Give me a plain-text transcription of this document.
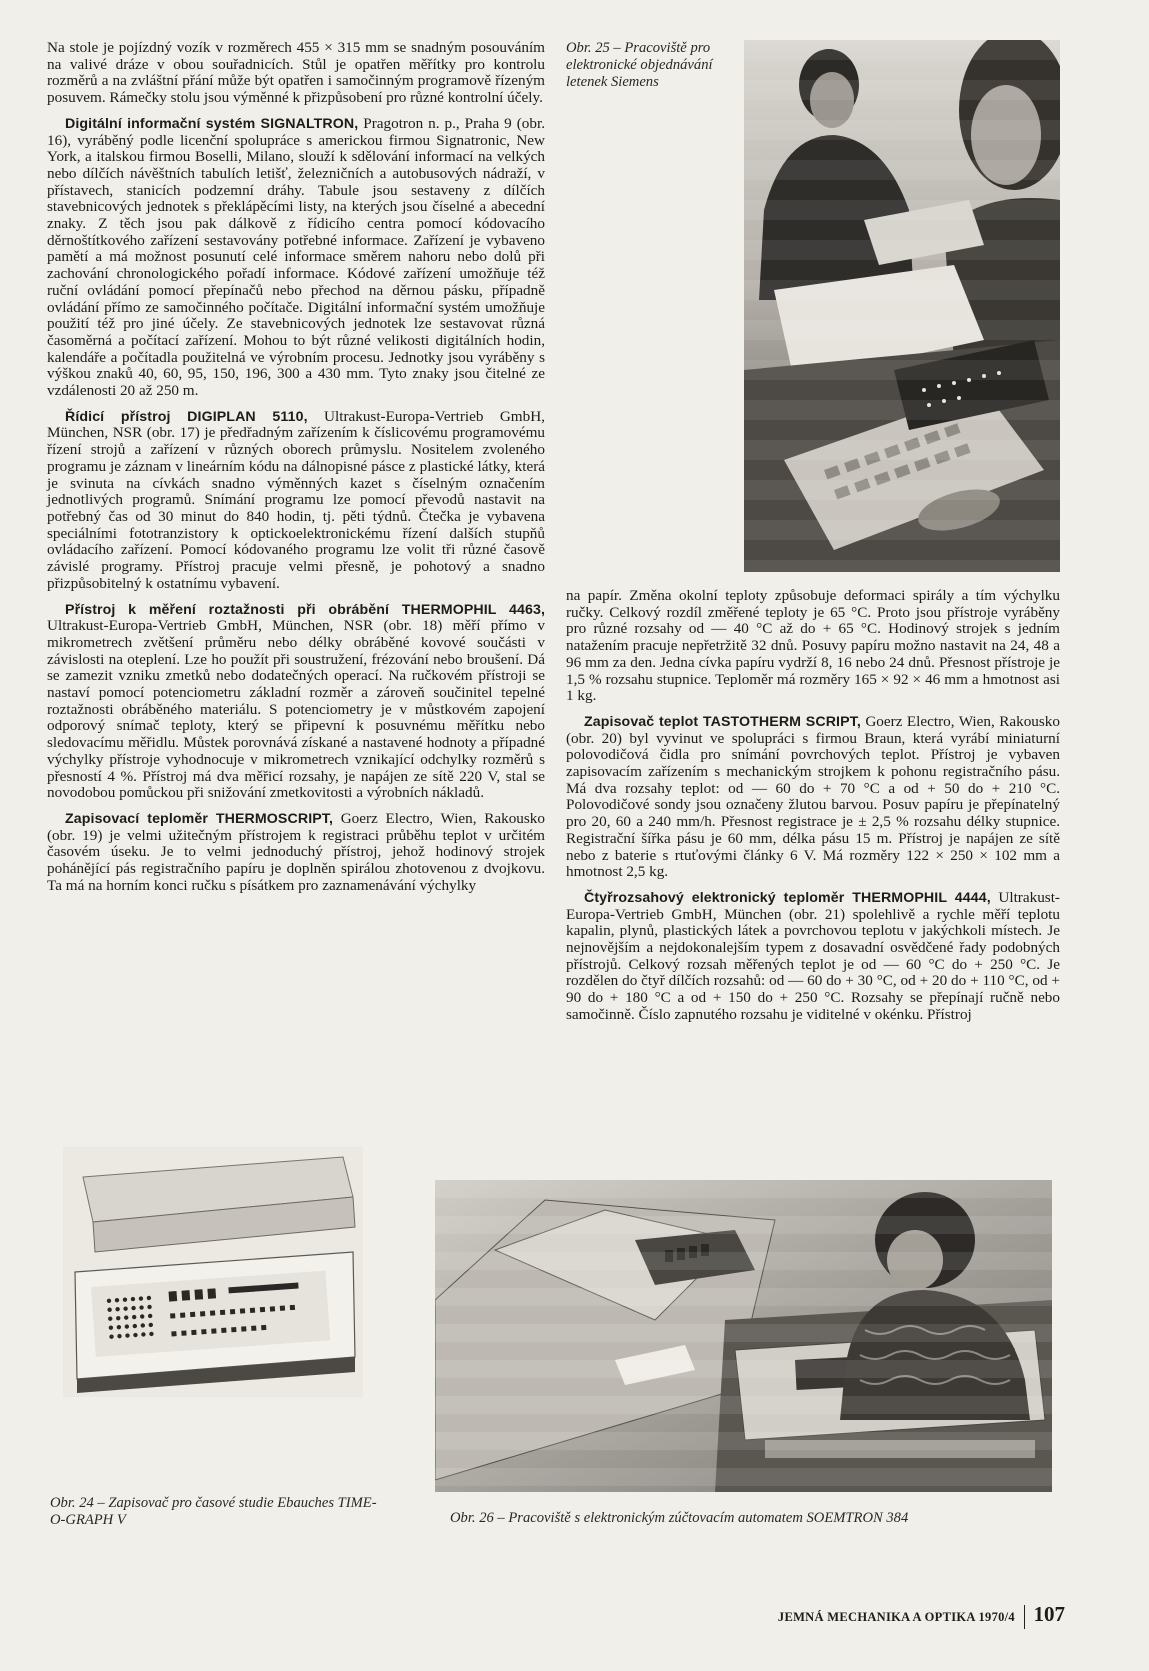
Na stole je pojízdný vozík v rozměrech 455 × 315 mm se snadným posouváním na valivé dráze v obou souřadnicích. Stůl je opatřen měřítky pro kontrolu rozměrů a na zvláštní přání může být opatřen i samočinným programově řízeným posuvem. Rámečky stolu jsou výměnné k přizpůsobení pro různé kontrolní účely.

Digitální informační systém SIGNALTRON, Pragotron n. p., Praha 9 (obr. 16), vyráběný podle licenční spolupráce s americkou firmou Signatronic, New York, a italskou firmou Boselli, Milano, slouží k sdělování informací na velkých nebo dílčích návěštních tabulích letišť, železničních a autobusových nádraží, v přístavech, stanicích podzemní dráhy. Tabule jsou sestaveny z dílčích stavebnicových jednotek s překlápěcími listy, na kterých jsou číselné a abecední znaky. Z těch jsou pak dálkově z řídicího centra pomocí kódovacího děrnoštítkového zařízení sestavovány potřebné informace. Zařízení je vybaveno pamětí a má možnost posunutí celé informace směrem nahoru nebo dolů při zachování chronologického pořadí informace. Kódové zařízení umožňuje též ruční ovládání pomocí přepínačů nebo přechod na děrnou pásku, případně ovládání přímo ze samočinného počítače. Digitální informační systém umožňuje použití též pro jiné účely. Ze stavebnicových jednotek lze sestavovat různá časoměrná a počítací zařízení. Mohou to být různé velikosti digitálních hodin, kalendáře a počítadla použitelná ve výrobním procesu. Jednotky jsou vyráběny s výškou znaků 40, 60, 95, 150, 196, 300 a 430 mm. Tyto znaky jsou čitelné ze vzdálenosti 20 až 250 m.

Řídicí přístroj DIGIPLAN 5110, Ultrakust-Europa-Vertrieb GmbH, München, NSR (obr. 17) je předřadným zařízením k číslicovému programovému řízení strojů a zařízení v různých oborech průmyslu. Nositelem zvoleného programu je záznam v lineárním kódu na dálnopisné pásce z plastické látky, která je svinuta na cívkách snadno výměnných kazet s číselným označením jednotlivých programů. Snímání programu lze pomocí převodů nastavit na potřebný čas od 30 minut do 840 hodin, tj. pěti týdnů. Čtečka je vybavena speciálními fototranzistory k optickoelektronickému řízení dalších stupňů ovládacího zařízení. Pomocí kódovaného programu lze volit tři různé časově závislé programy. Přístroj pracuje velmi přesně, je pohotový a snadno přizpůsobitelný k ostatnímu vybavení.

Přístroj k měření roztažnosti při obrábění THERMOPHIL 4463, Ultrakust-Europa-Vertrieb GmbH, München, NSR (obr. 18) měří přímo v mikrometrech zvětšení průměru nebo délky obráběné kovové součásti v závislosti na oteplení. Lze ho použít při soustružení, frézování nebo broušení. Dá se zamezit vzniku zmetků nebo dodatečných operací. Na ručkovém přístroji se nastaví pomocí potenciometru základní rozměr a zároveň součinitel tepelné roztažnosti obráběného materiálu. S potenciometry je v můstkovém zapojení odporový snímač teploty, který se připevní k posuvnému měřítku nebo sledovacímu měřidlu. Můstek porovnává získané a nastavené hodnoty a případné výchylky přístroje vyhodnocuje v mikrometrech vznikající odchylky rozměrů s přesností 4 %. Přístroj má dva měřicí rozsahy, je napájen ze sítě 220 V, stal se novodobou pomůckou při snižování zmetkovitosti a výrobních nákladů.

Zapisovací teploměr THERMOSCRIPT, Goerz Electro, Wien, Rakousko (obr. 19) je velmi užitečným přístrojem k registraci průběhu teplot v určitém časovém úseku. Je to velmi jednoduchý přístroj, jehož hodinový strojek pohánějící pás registračního papíru je doplněn spirálou zhotovenou z dvojkovu. Ta má na horním konci ručku s písátkem pro zaznamenávání výchylky

Obr. 25 – Pracoviště pro elektronické objednávání letenek Siemens

na papír. Změna okolní teploty způsobuje deformaci spirály a tím výchylku ručky. Celkový rozdíl změřené teploty je 65 °C. Proto jsou přístroje vyráběny pro různé rozsahy od — 40 °C až do + 65 °C. Hodinový strojek s jedním natažením pracuje nepřetržitě 32 dnů. Posuvy papíru možno nastavit na 24, 48 a 96 mm za den. Jedna cívka papíru vydrží 8, 16 nebo 24 dnů. Přesnost přístroje je 1,5 % rozsahu stupnice. Teploměr má rozměry 165 × 92 × 46 mm a hmotnost asi 1 kg.

Zapisovač teplot TASTOTHERM SCRIPT, Goerz Electro, Wien, Rakousko (obr. 20) byl vyvinut ve spolupráci s firmou Braun, která vyrábí miniaturní polovodičová čidla pro snímání povrchových teplot. Přístroj je vybaven zapisovacím zařízením s mechanickým strojkem k pohonu registračního pásu. Má dva rozsahy teplot: od — 60 do + 70 °C a od + 50 do + 210 °C. Polovodičové sondy jsou označeny žlutou barvou. Posuv papíru je přepínatelný pro 20, 60 a 240 mm/h. Přesnost registrace je ± 2,5 % rozsahu délky stupnice. Registrační šířka pásu je 60 mm, délka pásu 15 m. Přístroj je napájen ze sítě nebo z baterie s rtuťovými články 6 V. Má rozměry 122 × 250 × 102 mm a hmotnost 2,5 kg.

Čtyřrozsahový elektronický teploměr THERMOPHIL 4444, Ultrakust-Europa-Vertrieb GmbH, München (obr. 21) spolehlivě a rychle měří teplotu kapalin, plynů, plastických látek a povrchovou teplotu v jakýchkoli místech. Je nejnovějším a nejdokonalejším typem z dosavadní osvědčené řady podobných přístrojů. Celkový rozsah měřených teplot je od — 60 °C do + 250 °C. Je rozdělen do čtyř dílčích rozsahů: od — 60 do + 30 °C, od + 20 do + 110 °C, od + 90 do + 180 °C a od + 150 do + 250 °C. Rozsahy se přepínají ručně nebo samočinně. Číslo zapnutého rozsahu je viditelné v okénku. Přístroj

Obr. 24 – Zapisovač pro časové studie Ebauches TIME-O-GRAPH V	Obr. 26 – Pracoviště s elektronickým zúčtovacím automatem SOEMTRON 384
JEMNÁ MECHANIKA A OPTIKA 1970/4 107
